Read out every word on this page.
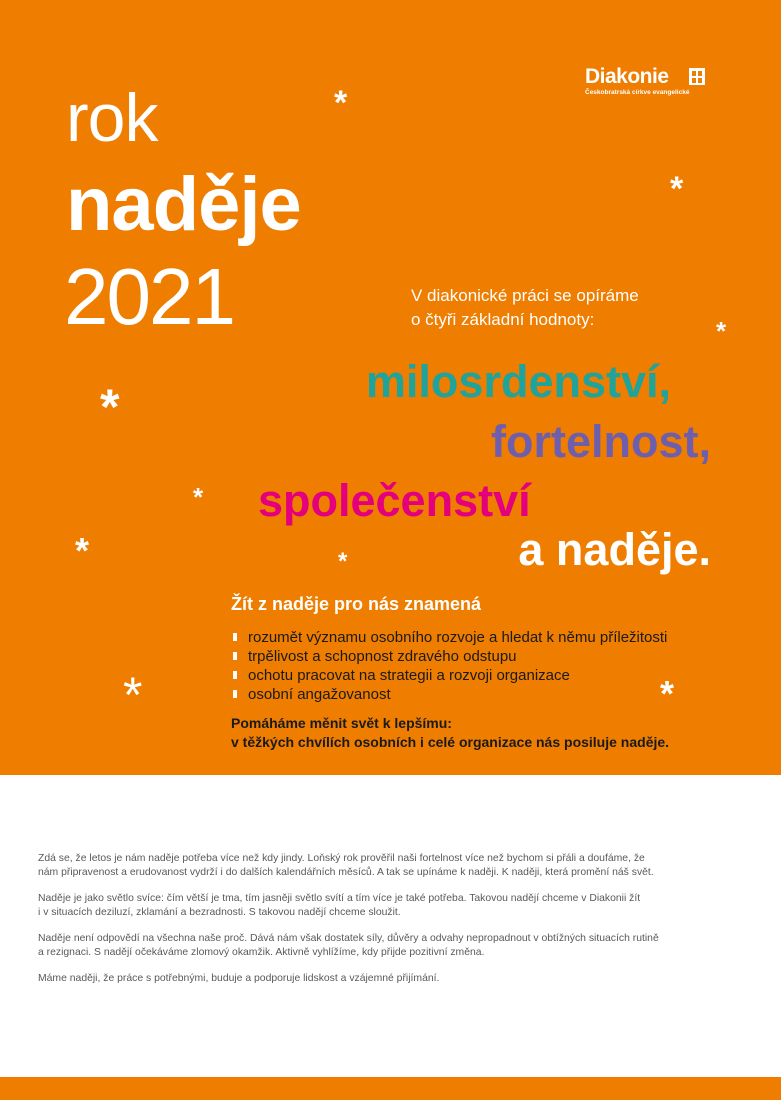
Diakonie
Českobratrská církve evangelické
rok
naděje
2021	V diakonické práci se opíráme
o čtyři základní hodnoty:
milosrdenství,
fortelnost,
společenství
a naděje.
*
*
*
*
*
*	*
*	*
Žít z naděje pro nás znamená
rozumět významu osobního rozvoje a hledat k němu příležitosti
trpělivost a schopnost zdravého odstupu
ochotu pracovat na strategii a rozvoji organizace
osobní angažovanost
Pomáháme měnit svět k lepšímu:
v těžkých chvílích osobních i celé organizace nás posiluje naděje.

Zdá se, že letos je nám naděje potřeba více než kdy jindy. Loňský rok prověřil naši fortelnost více než bychom si přáli a doufáme, že
nám připravenost a erudovanost vydrží i do dalších kalendářních měsíců. A tak se upínáme k naději. K naději, která promění náš svět.

Naděje je jako světlo svíce: čím větší je tma, tím jasněji světlo svítí a tím více je také potřeba. Takovou nadějí chceme v Diakonii žít
i v situacích deziluzí, zklamání a bezradnosti. S takovou nadějí chceme sloužit.

Naděje není odpovědí na všechna naše proč. Dává nám však dostatek síly, důvěry a odvahy nepropadnout v obtížných situacích rutině
a rezignaci. S nadějí očekáváme zlomový okamžik. Aktivně vyhlížíme, kdy přijde pozitivní změna.

Máme naději, že práce s potřebnými, buduje a podporuje lidskost a vzájemné přijímání.
